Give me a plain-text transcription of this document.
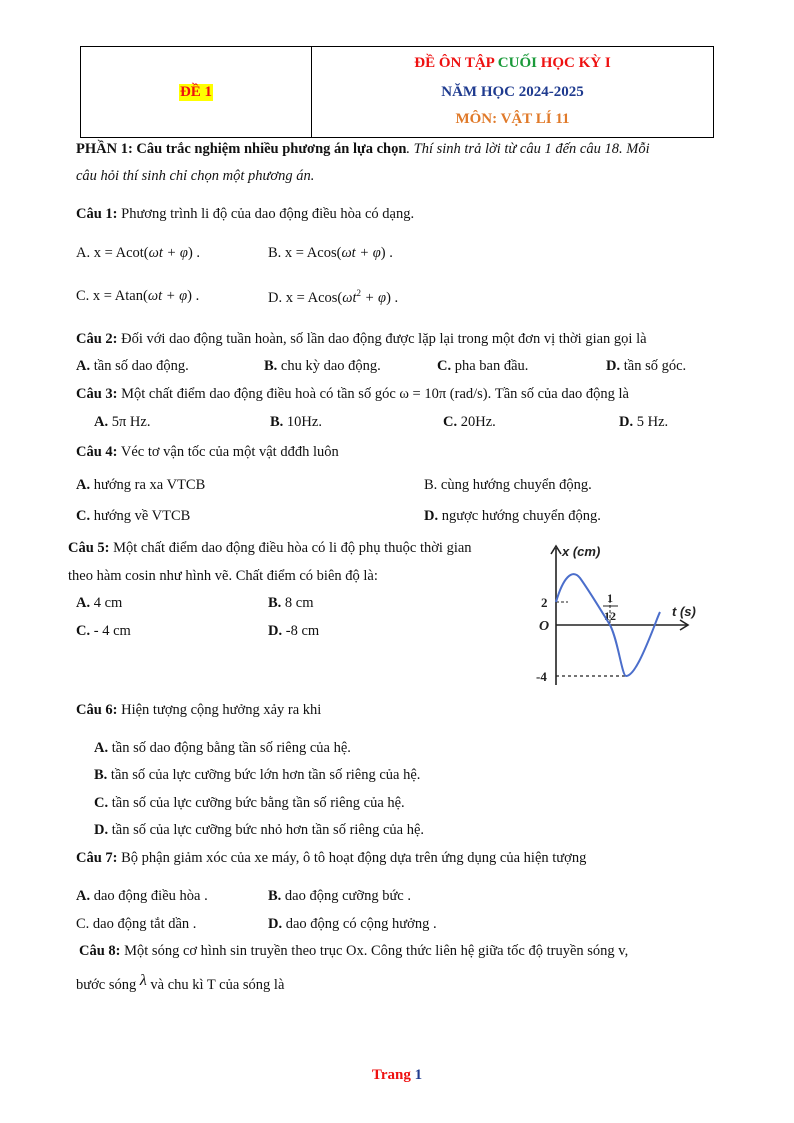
ĐỀ 1
ĐỀ ÔN TẬP CUỐI HỌC KỲ I
NĂM HỌC 2024-2025
MÔN: VẬT LÍ 11
PHẦN 1: Câu trắc nghiệm nhiều phương án lựa chọn. Thí sinh trả lời từ câu 1 đến câu 18. Mỗi
câu hỏi thí sinh chỉ chọn một phương án.
Câu 1: Phương trình li độ của dao động điều hòa có dạng.
A. x = Acot(ωt + φ) .	B. x = Acos(ωt + φ) .
C. x = Atan(ωt + φ) .	D. $x = Acos(\omega t^2 + \varphi)$ .
Câu 2: Đối với dao động tuần hoàn, số lần dao động được lặp lại trong một đơn vị thời gian gọi là
A. tần số dao động.	B. chu kỳ dao động.	C. pha ban đầu.	D. tần số góc.
Câu 3: Một chất điểm dao động điều hoà có tần số góc ω = 10π (rad/s). Tần số của dao động là
A. 5π Hz.	B. 10Hz.	C. 20Hz.	D. 5 Hz.
Câu 4: Véc tơ vận tốc của một vật dđđh luôn
A. hướng ra xa VTCB	B. cùng hướng chuyển động.
C. hướng về VTCB	D. ngược hướng chuyển động.
Câu 5: Một chất điểm dao động điều hòa có li độ phụ thuộc thời gian
theo hàm cosin như hình vẽ. Chất điểm có biên độ là:
A. 4 cm	B. 8 cm
C. - 4 cm	D. -8 cm
x (cm)
t (s)
O
2
-4
1
12
Câu 6: Hiện tượng cộng hưởng xảy ra khi
A. tần số dao động bằng tần số riêng của hệ.
B. tần số của lực cưỡng bức lớn hơn tần số riêng của hệ.
C. tần số của lực cưỡng bức bằng tần số riêng của hệ.
D. tần số của lực cưỡng bức nhỏ hơn tần số riêng của hệ.
Câu 7: Bộ phận giảm xóc của xe máy, ô tô hoạt động dựa trên ứng dụng của hiện tượng
A. dao động điều hòa .	B. dao động cưỡng bức .
C. dao động tắt dần .	D. dao động có cộng hưởng .
Câu 8: Một sóng cơ hình sin truyền theo trục Ox. Công thức liên hệ giữa tốc độ truyền sóng v,
bước sóng λ và chu kì T của sóng là
Trang 1
